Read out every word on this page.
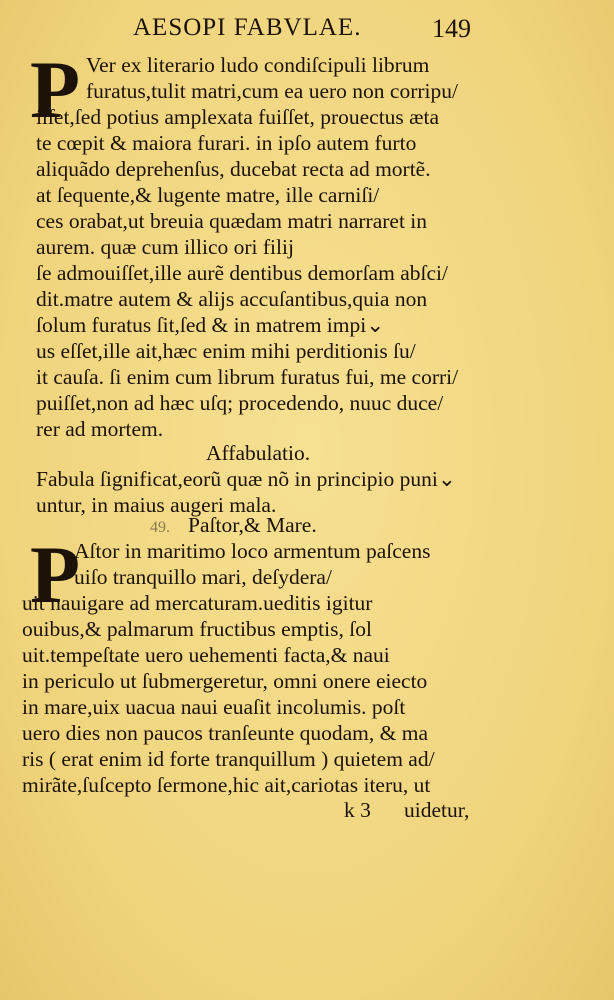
AESOPI FABVLAE.	149
P Ver ex literario ludo condiſcipuli librum
furatus,tulit matri,cum ea uero non corripu/
iſſet,ſed potius amplexata fuiſſet, prouectus æta
te cœpit & maiora furari. in ipſo autem furto
aliquãdo deprehenſus, ducebat recta ad mortẽ.
at ſequente,& lugente matre, ille carniſi/
ces orabat,ut breuia quædam matri narraret in
aurem. quæ cum illico ori filij
ſe admouiſſet,ille aurẽ dentibus demorſam abſci/
dit.matre autem & alijs accuſantibus,quia non
ſolum furatus ſit,ſed & in matrem impi⌄
us eſſet,ille ait,hæc enim mihi perditionis ſu/
it cauſa. ſi enim cum librum furatus fui, me corri/
puiſſet,non ad hæc uſq; procedendo, nuuc duce/
rer ad mortem.
Affabulatio.
Fabula ſignificat,eorũ quæ nõ in principio puni⌄
untur, in maius augeri mala.
49. Paſtor,& Mare.
P
Aſtor in maritimo loco armentum paſcens
uiſo tranquillo mari, deſydera/
uit nauigare ad mercaturam.ueditis igitur
ouibus,& palmarum fructibus emptis, ſol
uit.tempeſtate uero uehementi facta,& naui
in periculo ut ſubmergeretur, omni onere eiecto
in mare,uix uacua naui euaſit incolumis. poſt
uero dies non paucos tranſeunte quodam, & ma
ris ( erat enim id forte tranquillum ) quietem ad/
mirãte,ſuſcepto ſermone,hic ait,cariotas iteru, ut
k 3 uidetur,
